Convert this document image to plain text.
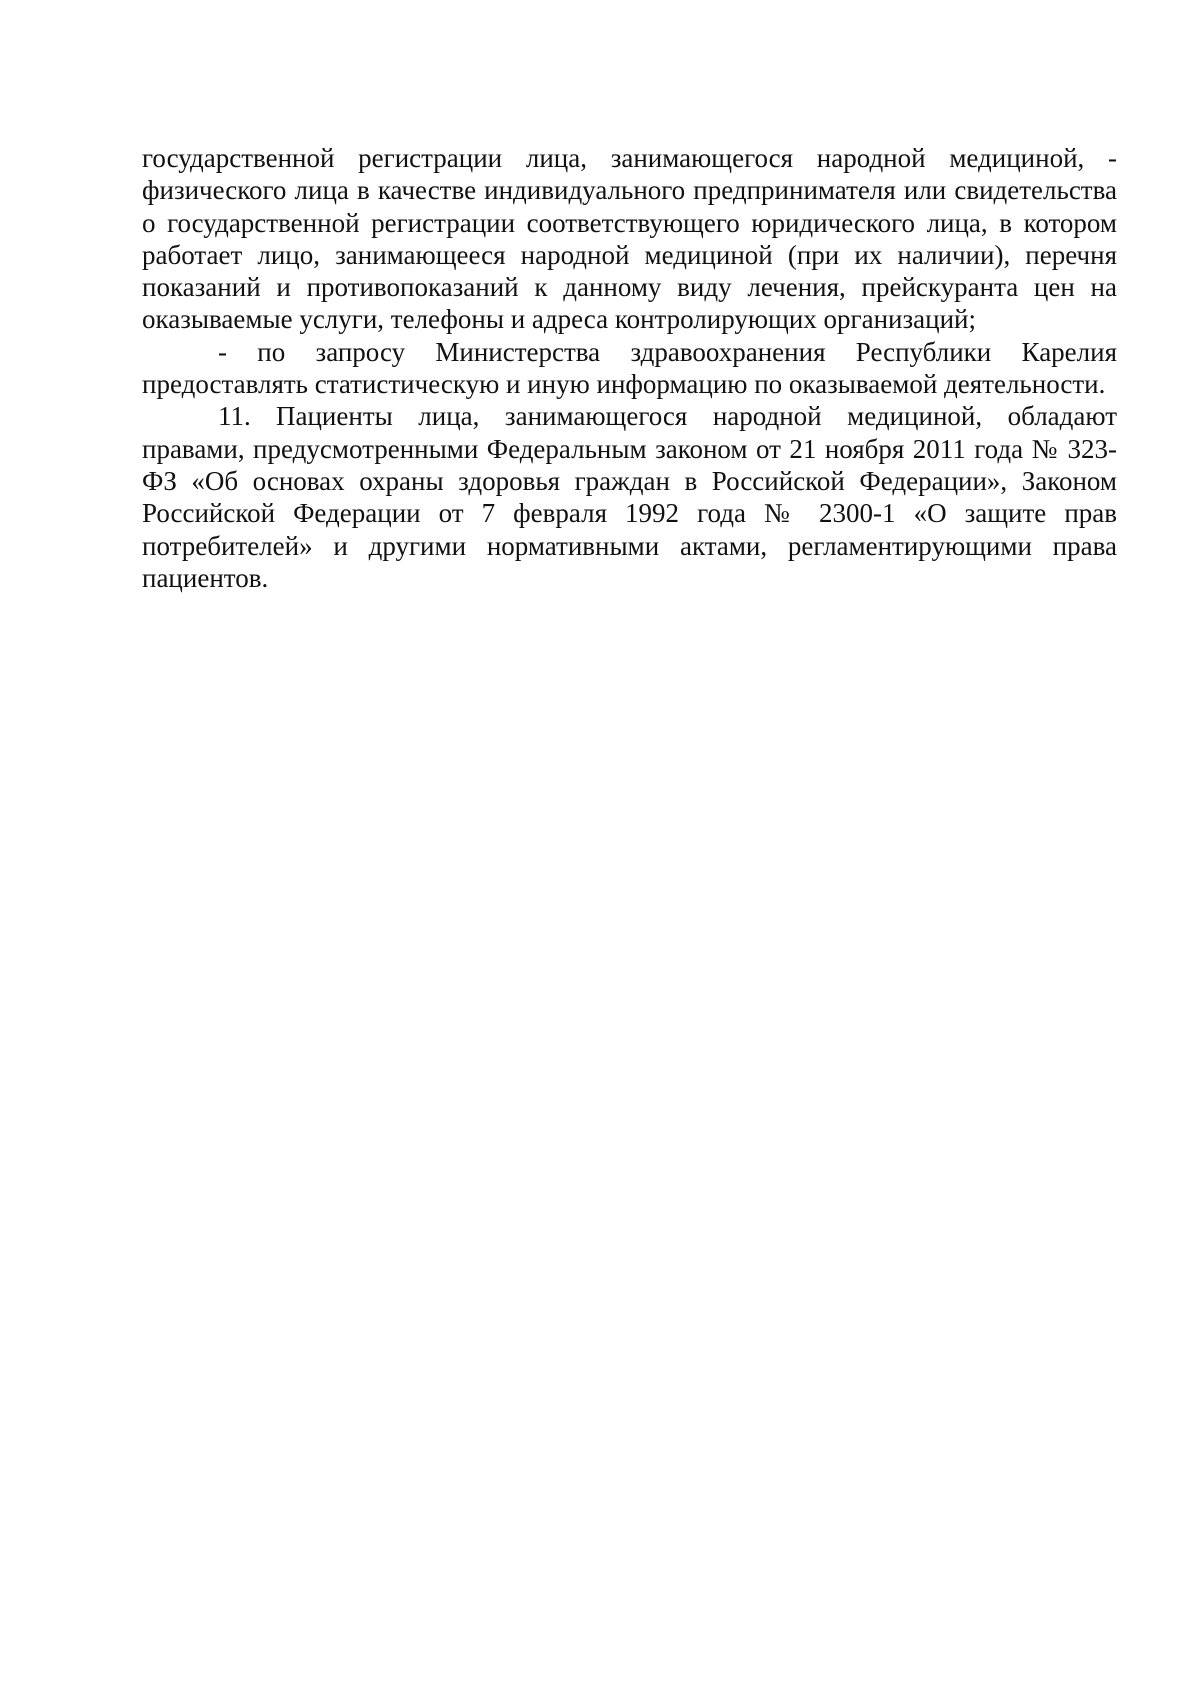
государственной регистрации лица, занимающегося народной медициной, - физического лица в качестве индивидуального предпринимателя или свидетельства о государственной регистрации соответствующего юридического лица, в котором работает лицо, занимающееся народной медициной (при их наличии), перечня показаний и противопоказаний к данному виду лечения, прейскуранта цен на оказываемые услуги, телефоны и адреса контролирующих организаций;

- по запросу Министерства здравоохранения Республики Карелия предоставлять статистическую и иную информацию по оказываемой деятельности.

11. Пациенты лица, занимающегося народной медициной, обладают правами, предусмотренными Федеральным законом от 21 ноября 2011 года № 323-ФЗ «Об основах охраны здоровья граждан в Российской Федерации», Законом Российской Федерации от 7 февраля 1992 года № 2300-1 «О защите прав потребителей» и другими нормативными актами, регламентирующими права пациентов.
